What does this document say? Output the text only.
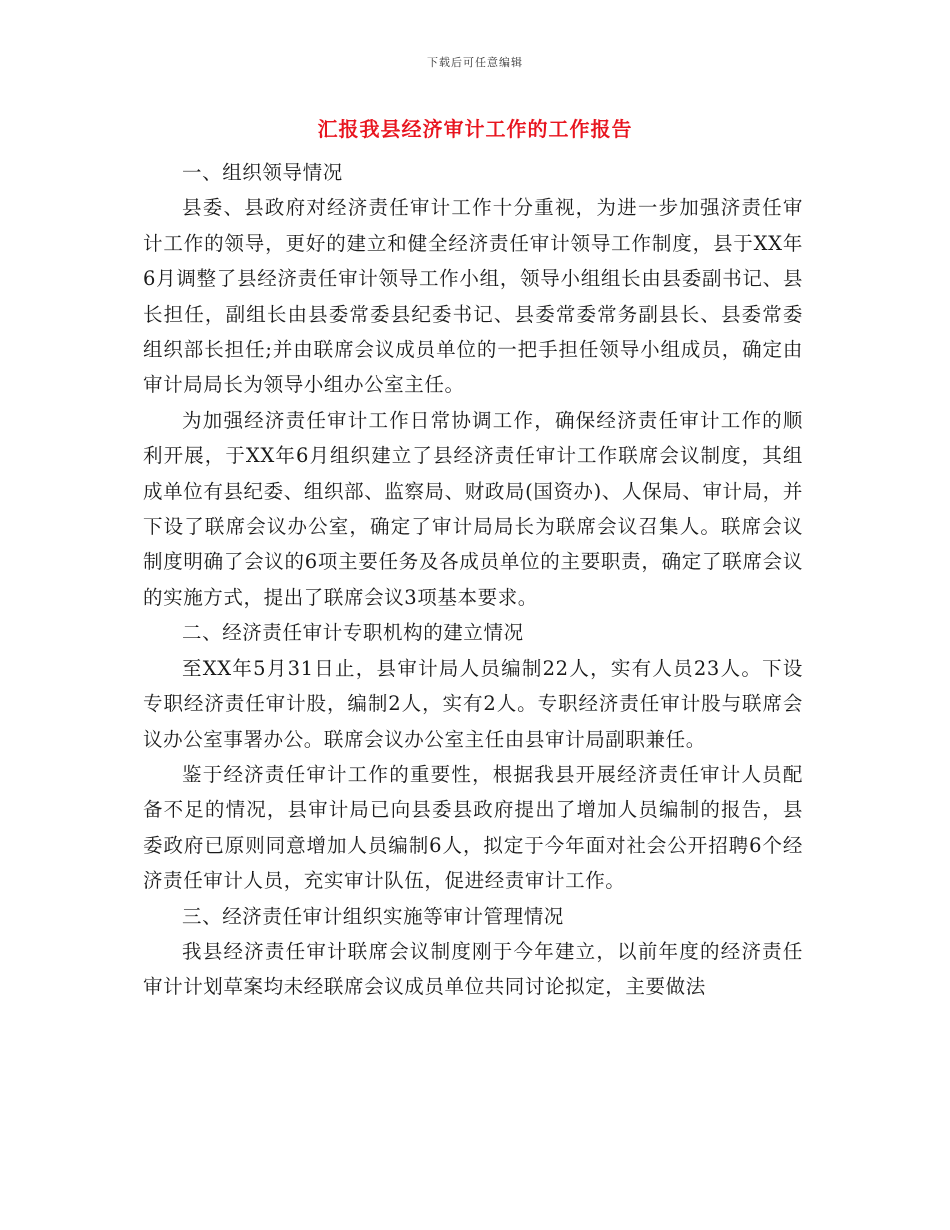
下载后可任意编辑
汇报我县经济审计工作的工作报告

一、组织领导情况

县委、县政府对经济责任审计工作十分重视，为进一步加强济责任审计工作的领导，更好的建立和健全经济责任审计领导工作制度，县于XX年6月调整了县经济责任审计领导工作小组，领导小组组长由县委副书记、县长担任，副组长由县委常委县纪委书记、县委常委常务副县长、县委常委组织部长担任;并由联席会议成员单位的一把手担任领导小组成员，确定由审计局局长为领导小组办公室主任。

为加强经济责任审计工作日常协调工作，确保经济责任审计工作的顺利开展，于XX年6月组织建立了县经济责任审计工作联席会议制度，其组成单位有县纪委、组织部、监察局、财政局(国资办)、人保局、审计局，并下设了联席会议办公室，确定了审计局局长为联席会议召集人。联席会议制度明确了会议的6项主要任务及各成员单位的主要职责，确定了联席会议的实施方式，提出了联席会议3项基本要求。

二、经济责任审计专职机构的建立情况

至XX年5月31日止，县审计局人员编制22人，实有人员23人。下设专职经济责任审计股，编制2人，实有2人。专职经济责任审计股与联席会议办公室事署办公。联席会议办公室主任由县审计局副职兼任。

鉴于经济责任审计工作的重要性，根据我县开展经济责任审计人员配备不足的情况，县审计局已向县委县政府提出了增加人员编制的报告，县委政府已原则同意增加人员编制6人，拟定于今年面对社会公开招聘6个经济责任审计人员，充实审计队伍，促进经责审计工作。

三、经济责任审计组织实施等审计管理情况

我县经济责任审计联席会议制度刚于今年建立，以前年度的经济责任审计计划草案均未经联席会议成员单位共同讨论拟定，主要做法
